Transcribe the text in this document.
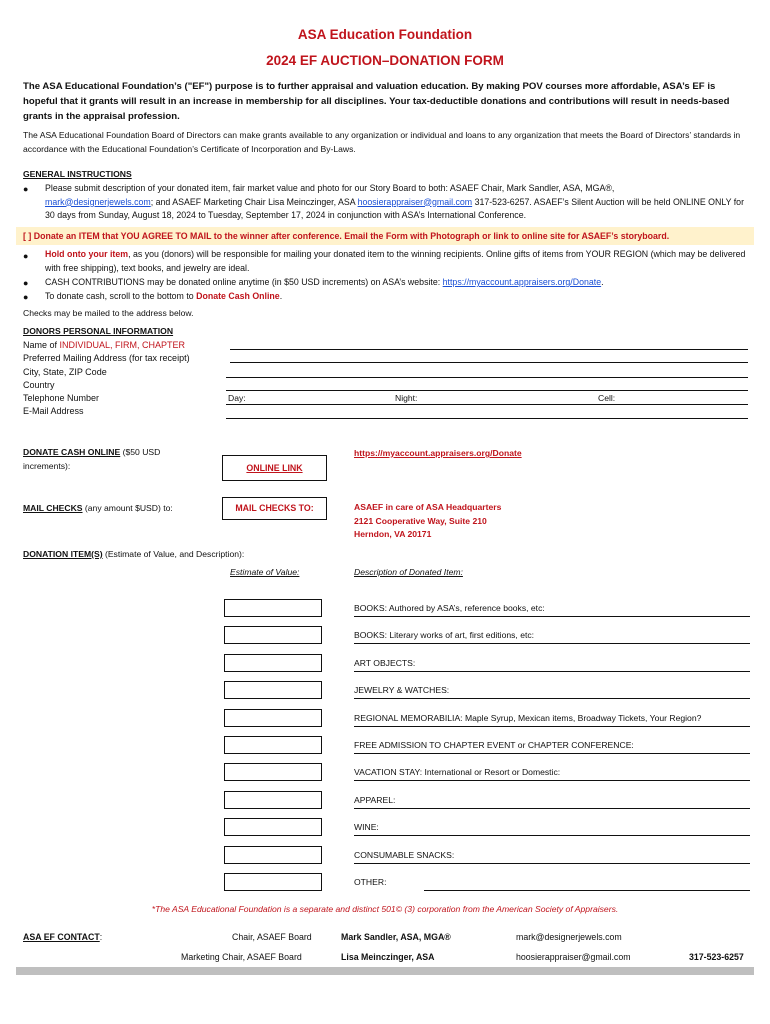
ASA Education Foundation
2024 EF AUCTION–DONATION FORM
The ASA Educational Foundation’s ("EF") purpose is to further appraisal and valuation education. By making POV courses more affordable, ASA’s EF is hopeful that it grants will result in an increase in membership for all disciplines. Your tax-deductible donations and contributions will result in needs-based grants in the appraisal profession.
The ASA Educational Foundation Board of Directors can make grants available to any organization or individual and loans to any organization that meets the Board of Directors’ standards in accordance with the Educational Foundation’s Certificate of Incorporation and By-Laws.
GENERAL INSTRUCTIONS
● Please submit description of your donated item, fair market value and photo for our Story Board to both: ASAEF Chair, Mark Sandler, ASA, MGA®,
mark@designerjewels.com; and ASAEF Marketing Chair Lisa Meinczinger, ASA hoosierappraiser@gmail.com 317-523-6257. ASAEF’s Silent Auction will be held ONLINE ONLY for 30 days from Sunday, August 18, 2024 to Tuesday, September 17, 2024 in conjunction with ASA’s International Conference.
[ ] Donate an ITEM that YOU AGREE TO MAIL to the winner after conference. Email the Form with Photograph or link to online site for ASAEF’s storyboard.
● Hold onto your item, as you (donors) will be responsible for mailing your donated item to the winning recipients. Online gifts of items from YOUR REGION (which may be delivered with free shipping), text books, and jewelry are ideal.
● CASH CONTRIBUTIONS may be donated online anytime (in $50 USD increments) on ASA’s website: https://myaccount.appraisers.org/Donate.
● To donate cash, scroll to the bottom to Donate Cash Online.
Checks may be mailed to the address below.
DONORS PERSONAL INFORMATION
Name of INDIVIDUAL, FIRM, CHAPTER
Preferred Mailing Address (for tax receipt)
City, State, ZIP Code
Country
Telephone Number
E-Mail Address
Day:	Night:	Cell:
DONATE CASH ONLINE ($50 USD increments):	ONLINE LINK
https://myaccount.appraisers.org/Donate
MAIL CHECKS (any amount $USD) to:	MAIL CHECKS TO:	ASAEF in care of ASA Headquarters
2121 Cooperative Way, Suite 210
Herndon, VA 20171
DONATION ITEM(S) (Estimate of Value, and Description):
Estimate of Value:	Description of Donated Item:
BOOKS: Authored by ASA’s, reference books, etc:
BOOKS: Literary works of art, first editions, etc:
ART OBJECTS:
JEWELRY & WATCHES:
REGIONAL MEMORABILIA: Maple Syrup, Mexican items, Broadway Tickets, Your Region?
FREE ADMISSION TO CHAPTER EVENT or CHAPTER CONFERENCE:
VACATION STAY: International or Resort or Domestic:
APPAREL:
WINE:
CONSUMABLE SNACKS:
OTHER:
*The ASA Educational Foundation is a separate and distinct 501© (3) corporation from the American Society of Appraisers.
ASA EF CONTACT:	Chair, ASAEF Board	Mark Sandler, ASA, MGA®	mark@designerjewels.com
Marketing Chair, ASAEF Board	Lisa Meinczinger, ASA	hoosierappraiser@gmail.com	317-523-6257
